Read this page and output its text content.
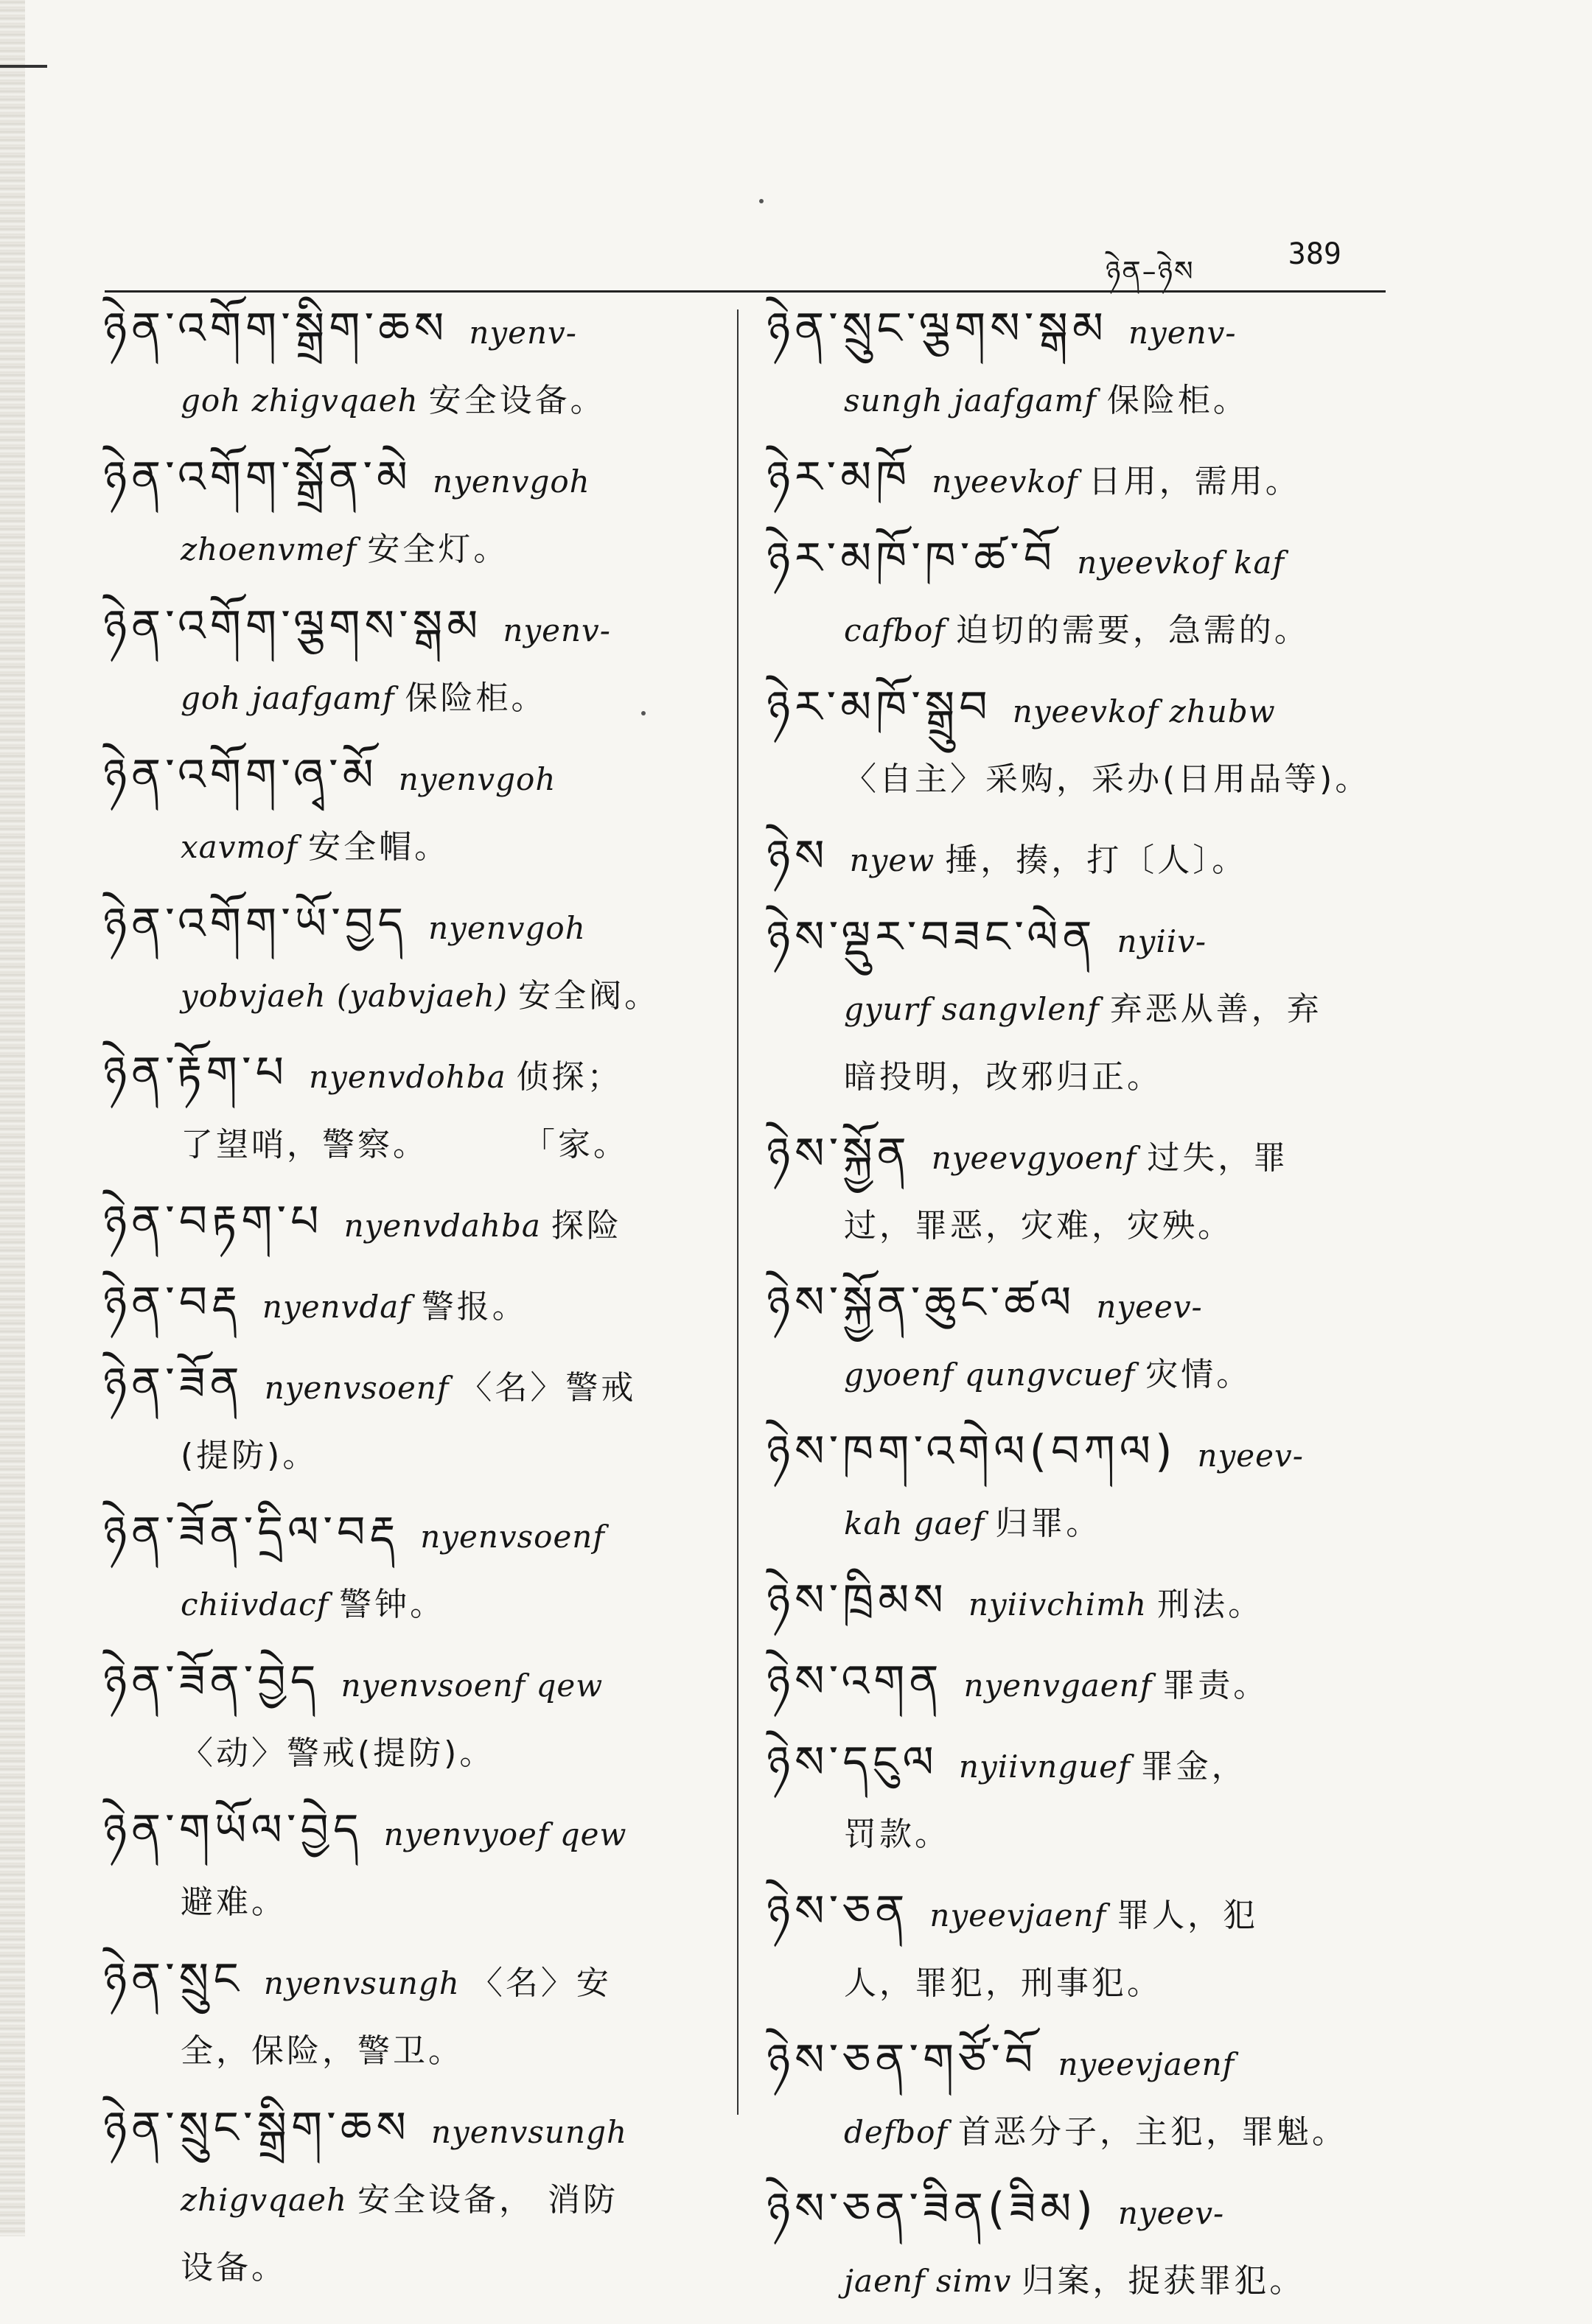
ཉེན–ཉེས	389
ཉེན་འགོག་སྒྲིག་ཆས nyenv-
goh zhigvqaeh 安全设备。
ཉེན་འགོག་སྒྲོན་མེ nyenvgoh
zhoenvmef 安全灯。
ཉེན་འགོག་ལྕགས་སྒམ nyenv-
goh jaafgamf 保险柜。
ཉེན་འགོག་ཞྭ་མོ nyenvgoh
xavmof 安全帽。
ཉེན་འགོག་ཡོ་བྱད nyenvgoh
yobvjaeh (yabvjaeh) 安全阀。
ཉེན་རྟོག་པ nyenvdohba 侦探；
了望哨，警察。	「家。
ཉེན་བརྟག་པ nyenvdahba 探险
ཉེན་བརྡ nyenvdaf 警报。
ཉེན་ཟོན nyenvsoenf 〈名〉警戒
(提防)。
ཉེན་ཟོན་དྲིལ་བརྡ nyenvsoenf
chiivdacf 警钟。
ཉེན་ཟོན་བྱེད nyenvsoenf qew
〈动〉警戒(提防)。
ཉེན་གཡོལ་བྱེད nyenvyoef qew
避难。
ཉེན་སྲུང nyenvsungh 〈名〉安
全，保险，警卫。
ཉེན་སྲུང་སྒྲིག་ཆས nyenvsungh
zhigvqaeh 安全设备， 消防
设备。
ཉེན་སྲུང་ལྕགས་སྒམ nyenv-
sungh jaafgamf 保险柜。
ཉེར་མཁོ nyeevkof 日用，需用。
ཉེར་མཁོ་ཁ་ཚ་བོ nyeevkof kaf
cafbof 迫切的需要，急需的。
ཉེར་མཁོ་སྒྲུབ nyeevkof zhubw
〈自主〉采购，采办(日用品等)。
ཉེས nyew 捶，揍，打〔人〕。
ཉེས་ལྡུར་བཟང་ལེན nyiiv-
gyurf sangvlenf 弃恶从善，弃
暗投明，改邪归正。
ཉེས་སྐྱོན nyeevgyoenf 过失，罪
过，罪恶，灾难，灾殃。
ཉེས་སྐྱོན་ཆུང་ཚལ nyeev-
gyoenf qungvcuef 灾情。
ཉེས་ཁག་འགེལ(བཀལ) nyeev-
kah gaef 归罪。
ཉེས་ཁྲིམས nyiivchimh 刑法。
ཉེས་འགན nyenvgaenf 罪责。
ཉེས་དངུལ nyiivnguef 罪金，
罚款。
ཉེས་ཅན nyeevjaenf 罪人，犯
人，罪犯，刑事犯。
ཉེས་ཅན་གཙོ་བོ nyeevjaenf
defbof 首恶分子，主犯，罪魁。
ཉེས་ཅན་ཟིན(ཟིམ) nyeev-
jaenf simv 归案，捉获罪犯。
